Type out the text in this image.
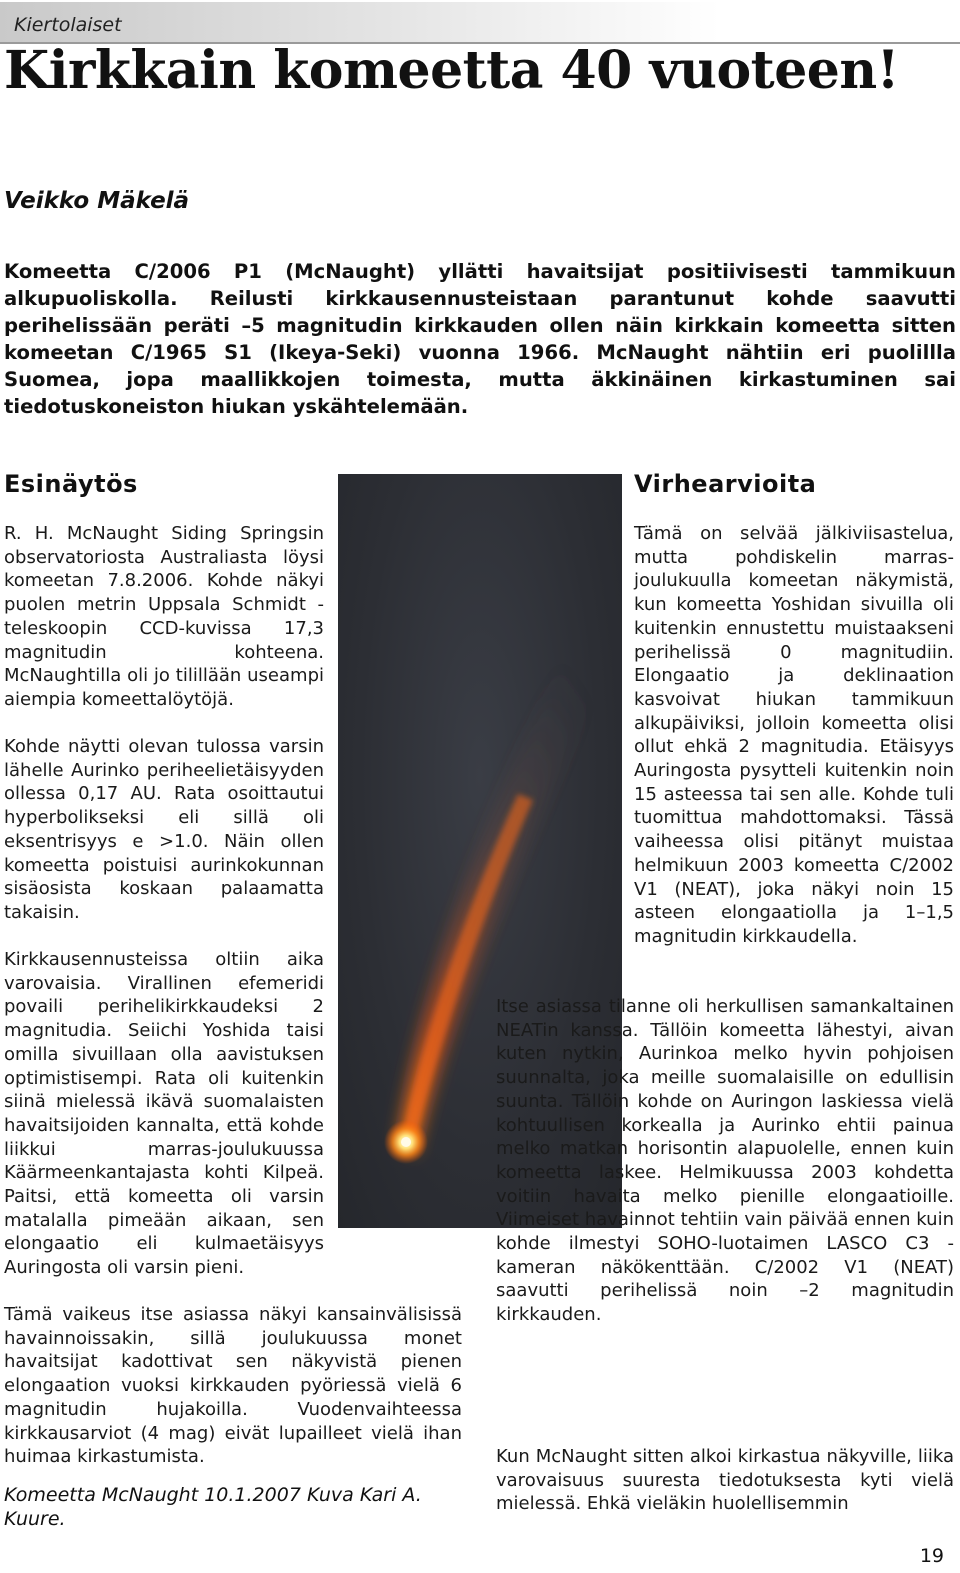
Kiertolaiset
Kirkkain komeetta 40 vuoteen!
Veikko Mäkelä

Komeetta C/2006 P1 (McNaught) yllätti havaitsijat positiivisesti tammikuun alkupuoliskolla. Reilusti kirkkausennusteistaan parantunut kohde saavutti perihelissään peräti –5 magnitudin kirkkauden ollen näin kirkkain komeetta sitten komeetan C/1965 S1 (Ikeya-Seki) vuonna 1966. McNaught nähtiin eri puolillla Suomea, jopa maallikkojen toimesta, mutta äkkinäinen kirkastuminen sai tiedotuskoneiston hiukan yskähtelemään.

Esinäytös

R. H. McNaught Siding Springsin observatoriosta Australiasta löysi komeetan 7.8.2006. Kohde näkyi puolen metrin Uppsala Schmidt -teleskoopin CCD-kuvissa 17,3 magnitudin kohteena. McNaughtilla oli jo tilillään useampi aiempia komeettalöytöjä.

Kohde näytti olevan tulossa varsin lähelle Aurinko periheelietäisyyden ollessa 0,17 AU. Rata osoittautui hyperbolikseksi eli sillä oli eksentrisyys e >1.0. Näin ollen komeetta poistuisi aurinkokunnan sisäosista koskaan palaamatta takaisin.

Kirkkausennusteissa oltiin aika varovaisia. Virallinen efemeridi povaili perihelikirkkaudeksi 2 magnitudia. Seiichi Yoshida taisi omilla sivuillaan olla aavistuksen optimistisempi. Rata oli kuitenkin siinä mielessä ikävä suomalaisten havaitsijoiden kannalta, että kohde liikkui marras-joulukuussa Käärmeenkantajasta kohti Kilpeä. Paitsi, että komeetta oli varsin matalalla pimeään aikaan, sen elongaatio eli kulmaetäisyys Auringosta oli varsin pieni.

Tämä vaikeus itse asiassa näkyi kansainvälisissä havainnoissakin, sillä joulukuussa monet havaitsijat kadottivat sen näkyvistä pienen elongaation vuoksi kirkkauden pyöriessä vielä 6 magnitudin hujakoilla. Vuodenvaihteessa kirkkausarviot (4 mag) eivät lupailleet vielä ihan huimaa kirkastumista.

Komeetta McNaught 10.1.2007 Kuva Kari A. Kuure.

Virhearvioita

Tämä on selvää jälkiviisastelua, mutta pohdiskelin marras-joulukuulla komeetan näkymistä, kun komeetta Yoshidan sivuilla oli kuitenkin ennustettu muistaakseni perihelissä 0 magnitudiin. Elongaatio ja deklinaation kasvoivat hiukan tammikuun alkupäiviksi, jolloin komeetta olisi ollut ehkä 2 magnitudia. Etäisyys Auringosta pysytteli kuitenkin noin 15 asteessa tai sen alle. Kohde tuli tuomittua mahdottomaksi. Tässä vaiheessa olisi pitänyt muistaa helmikuun 2003 komeetta C/2002 V1 (NEAT), joka näkyi noin 15 asteen elongaatiolla ja 1–1,5 magnitudin kirkkaudella.

Itse asiassa tilanne oli herkullisen samankaltainen NEATin kanssa. Tällöin komeetta lähestyi, aivan kuten nytkin, Aurinkoa melko hyvin pohjoisen suunnalta, joka meille suomalaisille on edullisin suunta. Tällöin kohde on Auringon laskiessa vielä kohtuullisen korkealla ja Aurinko ehtii painua melko matkan horisontin alapuolelle, ennen kuin komeetta laskee. Helmikuussa 2003 kohdetta voitiin havaita melko pienille elongaatioille. Viimeiset havainnot tehtiin vain päivää ennen kuin kohde ilmestyi SOHO-luotaimen LASCO C3 -kameran näkökenttään. C/2002 V1 (NEAT) saavutti perihelissä noin –2 magnitudin kirkkauden.

Kun McNaught sitten alkoi kirkastua näkyville, liika varovaisuus suuresta tiedotuksesta kyti vielä mielessä. Ehkä vieläkin huolellisemmin

19
